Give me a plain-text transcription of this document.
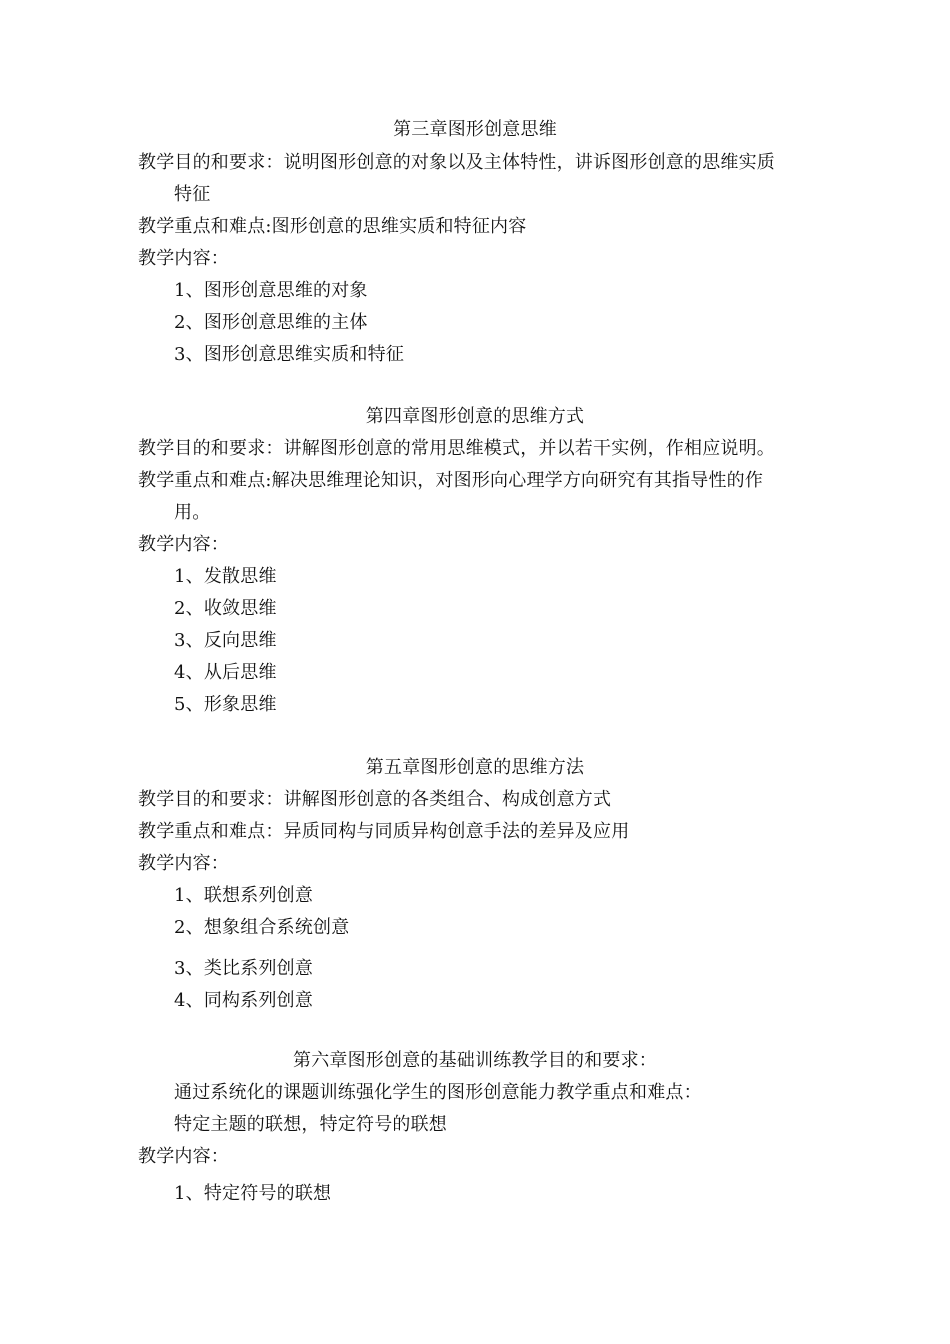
第三章图形创意思维
教学目的和要求：说明图形创意的对象以及主体特性，讲诉图形创意的思维实质
特征
教学重点和难点:图形创意的思维实质和特征内容
教学内容：
1、图形创意思维的对象
2、图形创意思维的主体
3、图形创意思维实质和特征
第四章图形创意的思维方式
教学目的和要求：讲解图形创意的常用思维模式，并以若干实例，作相应说明。
教学重点和难点:解决思维理论知识，对图形向心理学方向研究有其指导性的作
用。
教学内容：
1、发散思维
2、收敛思维
3、反向思维
4、从后思维
5、形象思维
第五章图形创意的思维方法
教学目的和要求：讲解图形创意的各类组合、构成创意方式
教学重点和难点：异质同构与同质异构创意手法的差异及应用
教学内容：
1、联想系列创意
2、想象组合系统创意
3、类比系列创意
4、同构系列创意
第六章图形创意的基础训练教学目的和要求：
通过系统化的课题训练强化学生的图形创意能力教学重点和难点：
特定主题的联想，特定符号的联想
教学内容：
1、特定符号的联想
